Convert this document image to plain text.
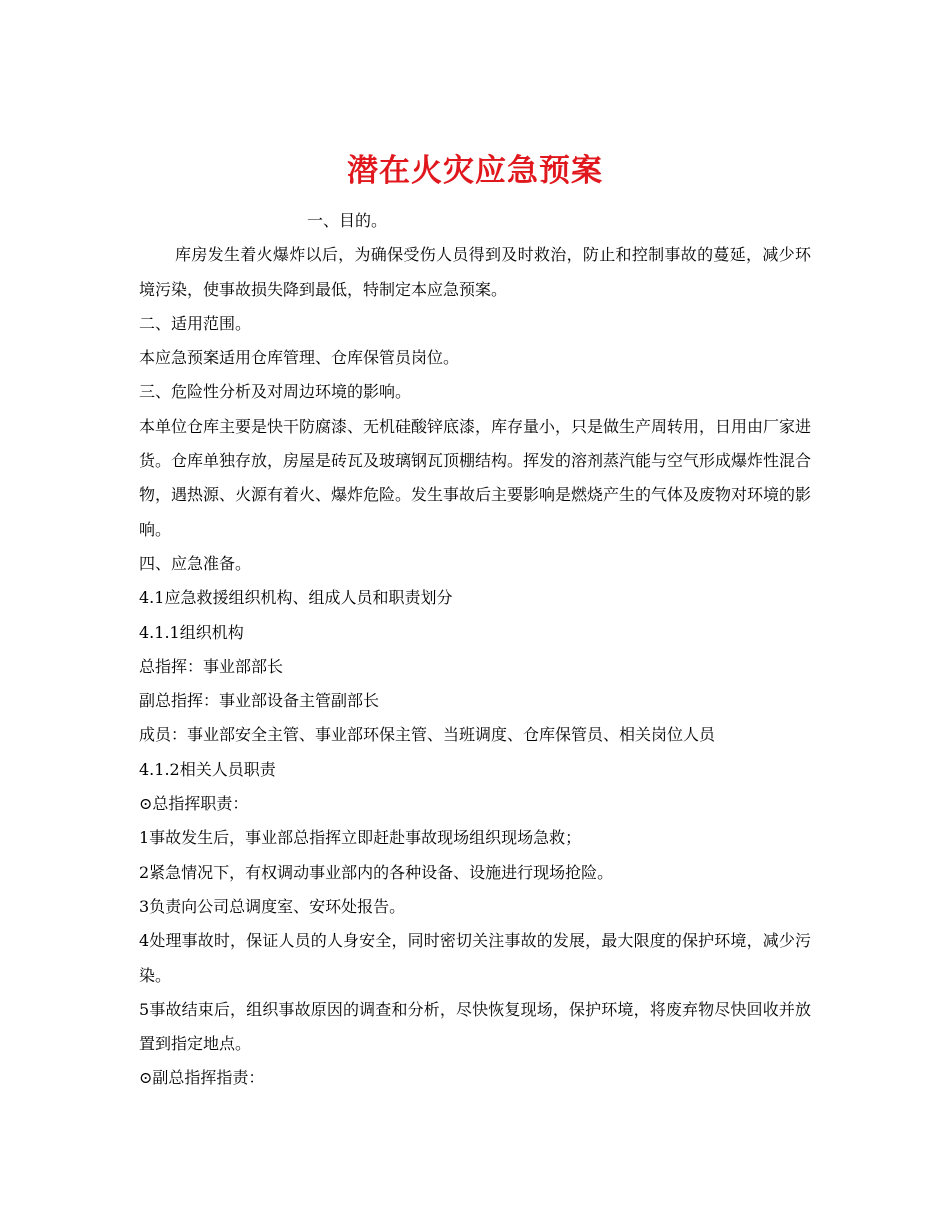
潜在火灾应急预案

一、目的。

库房发生着火爆炸以后，为确保受伤人员得到及时救治，防止和控制事故的蔓延，减少环境污染，使事故损失降到最低，特制定本应急预案。

二、适用范围。

本应急预案适用仓库管理、仓库保管员岗位。

三、危险性分析及对周边环境的影响。

本单位仓库主要是快干防腐漆、无机硅酸锌底漆，库存量小，只是做生产周转用，日用由厂家进货。仓库单独存放，房屋是砖瓦及玻璃钢瓦顶棚结构。挥发的溶剂蒸汽能与空气形成爆炸性混合物，遇热源、火源有着火、爆炸危险。发生事故后主要影响是燃烧产生的气体及废物对环境的影响。

四、应急准备。

4.1应急救援组织机构、组成人员和职责划分

4.1.1组织机构

总指挥：事业部部长

副总指挥：事业部设备主管副部长

成员：事业部安全主管、事业部环保主管、当班调度、仓库保管员、相关岗位人员

4.1.2相关人员职责

⊙总指挥职责：

1事故发生后，事业部总指挥立即赶赴事故现场组织现场急救；

2紧急情况下，有权调动事业部内的各种设备、设施进行现场抢险。

3负责向公司总调度室、安环处报告。

4处理事故时，保证人员的人身安全，同时密切关注事故的发展，最大限度的保护环境，减少污染。

5事故结束后，组织事故原因的调查和分析，尽快恢复现场，保护环境，将废弃物尽快回收并放置到指定地点。

⊙副总指挥指责：
